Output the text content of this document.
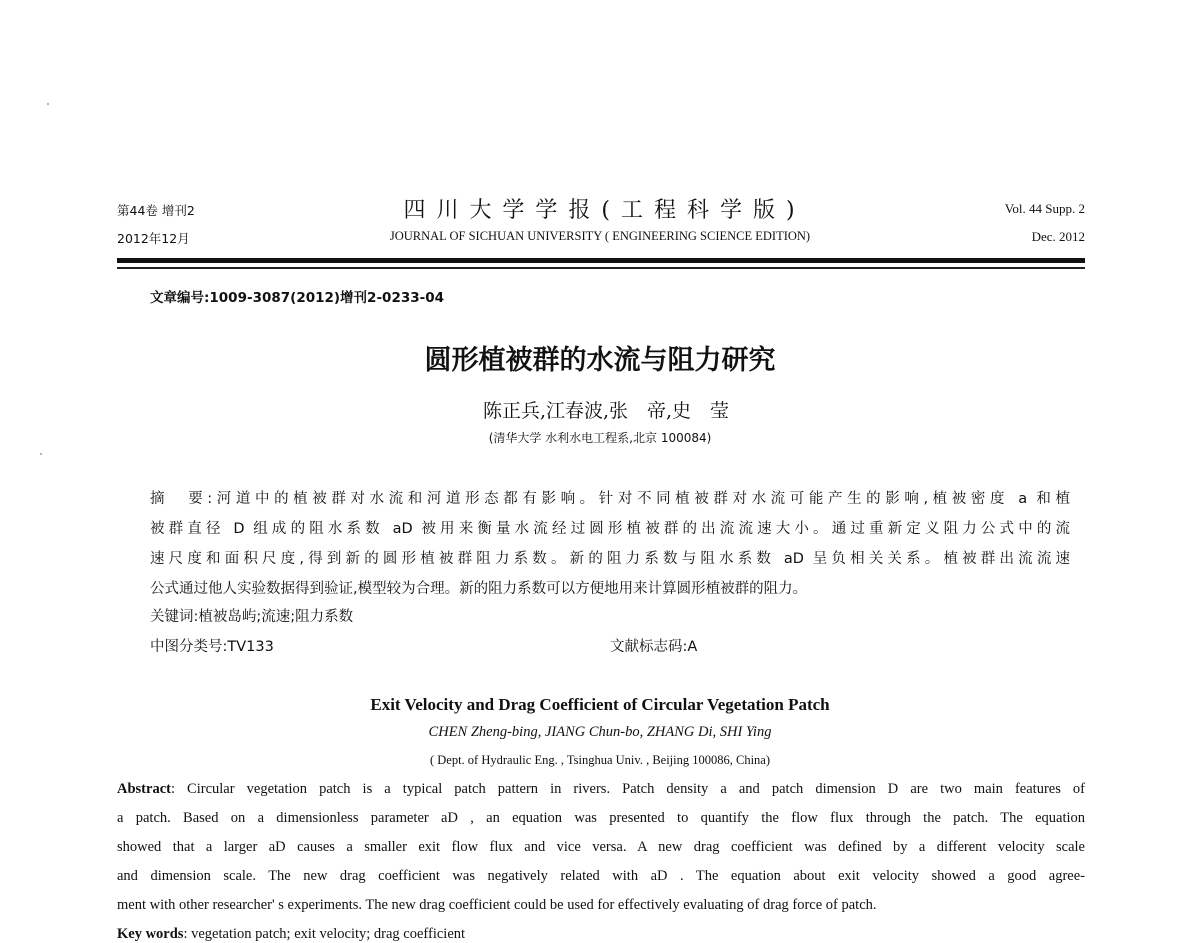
第44卷 增刊2
2012年12月
四 川 大 学 学 报 ( 工 程 科 学 版 )
JOURNAL OF SICHUAN UNIVERSITY ( ENGINEERING SCIENCE EDITION)
Vol. 44 Supp. 2
Dec. 2012
文章编号:1009-3087(2012)增刊2-0233-04
圆形植被群的水流与阻力研究
陈正兵,江春波,张　帝,史　莹
(清华大学 水利水电工程系,北京 100084)
摘　要:河道中的植被群对水流和河道形态都有影响。针对不同植被群对水流可能产生的影响,植被密度 a 和植
被群直径 D 组成的阻水系数 aD 被用来衡量水流经过圆形植被群的出流流速大小。通过重新定义阻力公式中的流
速尺度和面积尺度,得到新的圆形植被群阻力系数。新的阻力系数与阻水系数 aD 呈负相关关系。植被群出流流速
公式通过他人实验数据得到验证,模型较为合理。新的阻力系数可以方便地用来计算圆形植被群的阻力。
关键词:植被岛屿;流速;阻力系数
中图分类号:TV133	文献标志码:A
Exit Velocity and Drag Coefficient of Circular Vegetation Patch
CHEN Zheng-bing, JIANG Chun-bo, ZHANG Di, SHI Ying
( Dept. of Hydraulic Eng. , Tsinghua Univ. , Beijing 100086, China)
Abstract: Circular vegetation patch is a typical patch pattern in rivers. Patch density a and patch dimension D are two main features of
a patch. Based on a dimensionless parameter aD , an equation was presented to quantify the flow flux through the patch. The equation
showed that a larger aD causes a smaller exit flow flux and vice versa. A new drag coefficient was defined by a different velocity scale
and dimension scale. The new drag coefficient was negatively related with aD . The equation about exit velocity showed a good agree-
ment with other researcher' s experiments. The new drag coefficient could be used for effectively evaluating of drag force of patch.
Key words: vegetation patch; exit velocity; drag coefficient
